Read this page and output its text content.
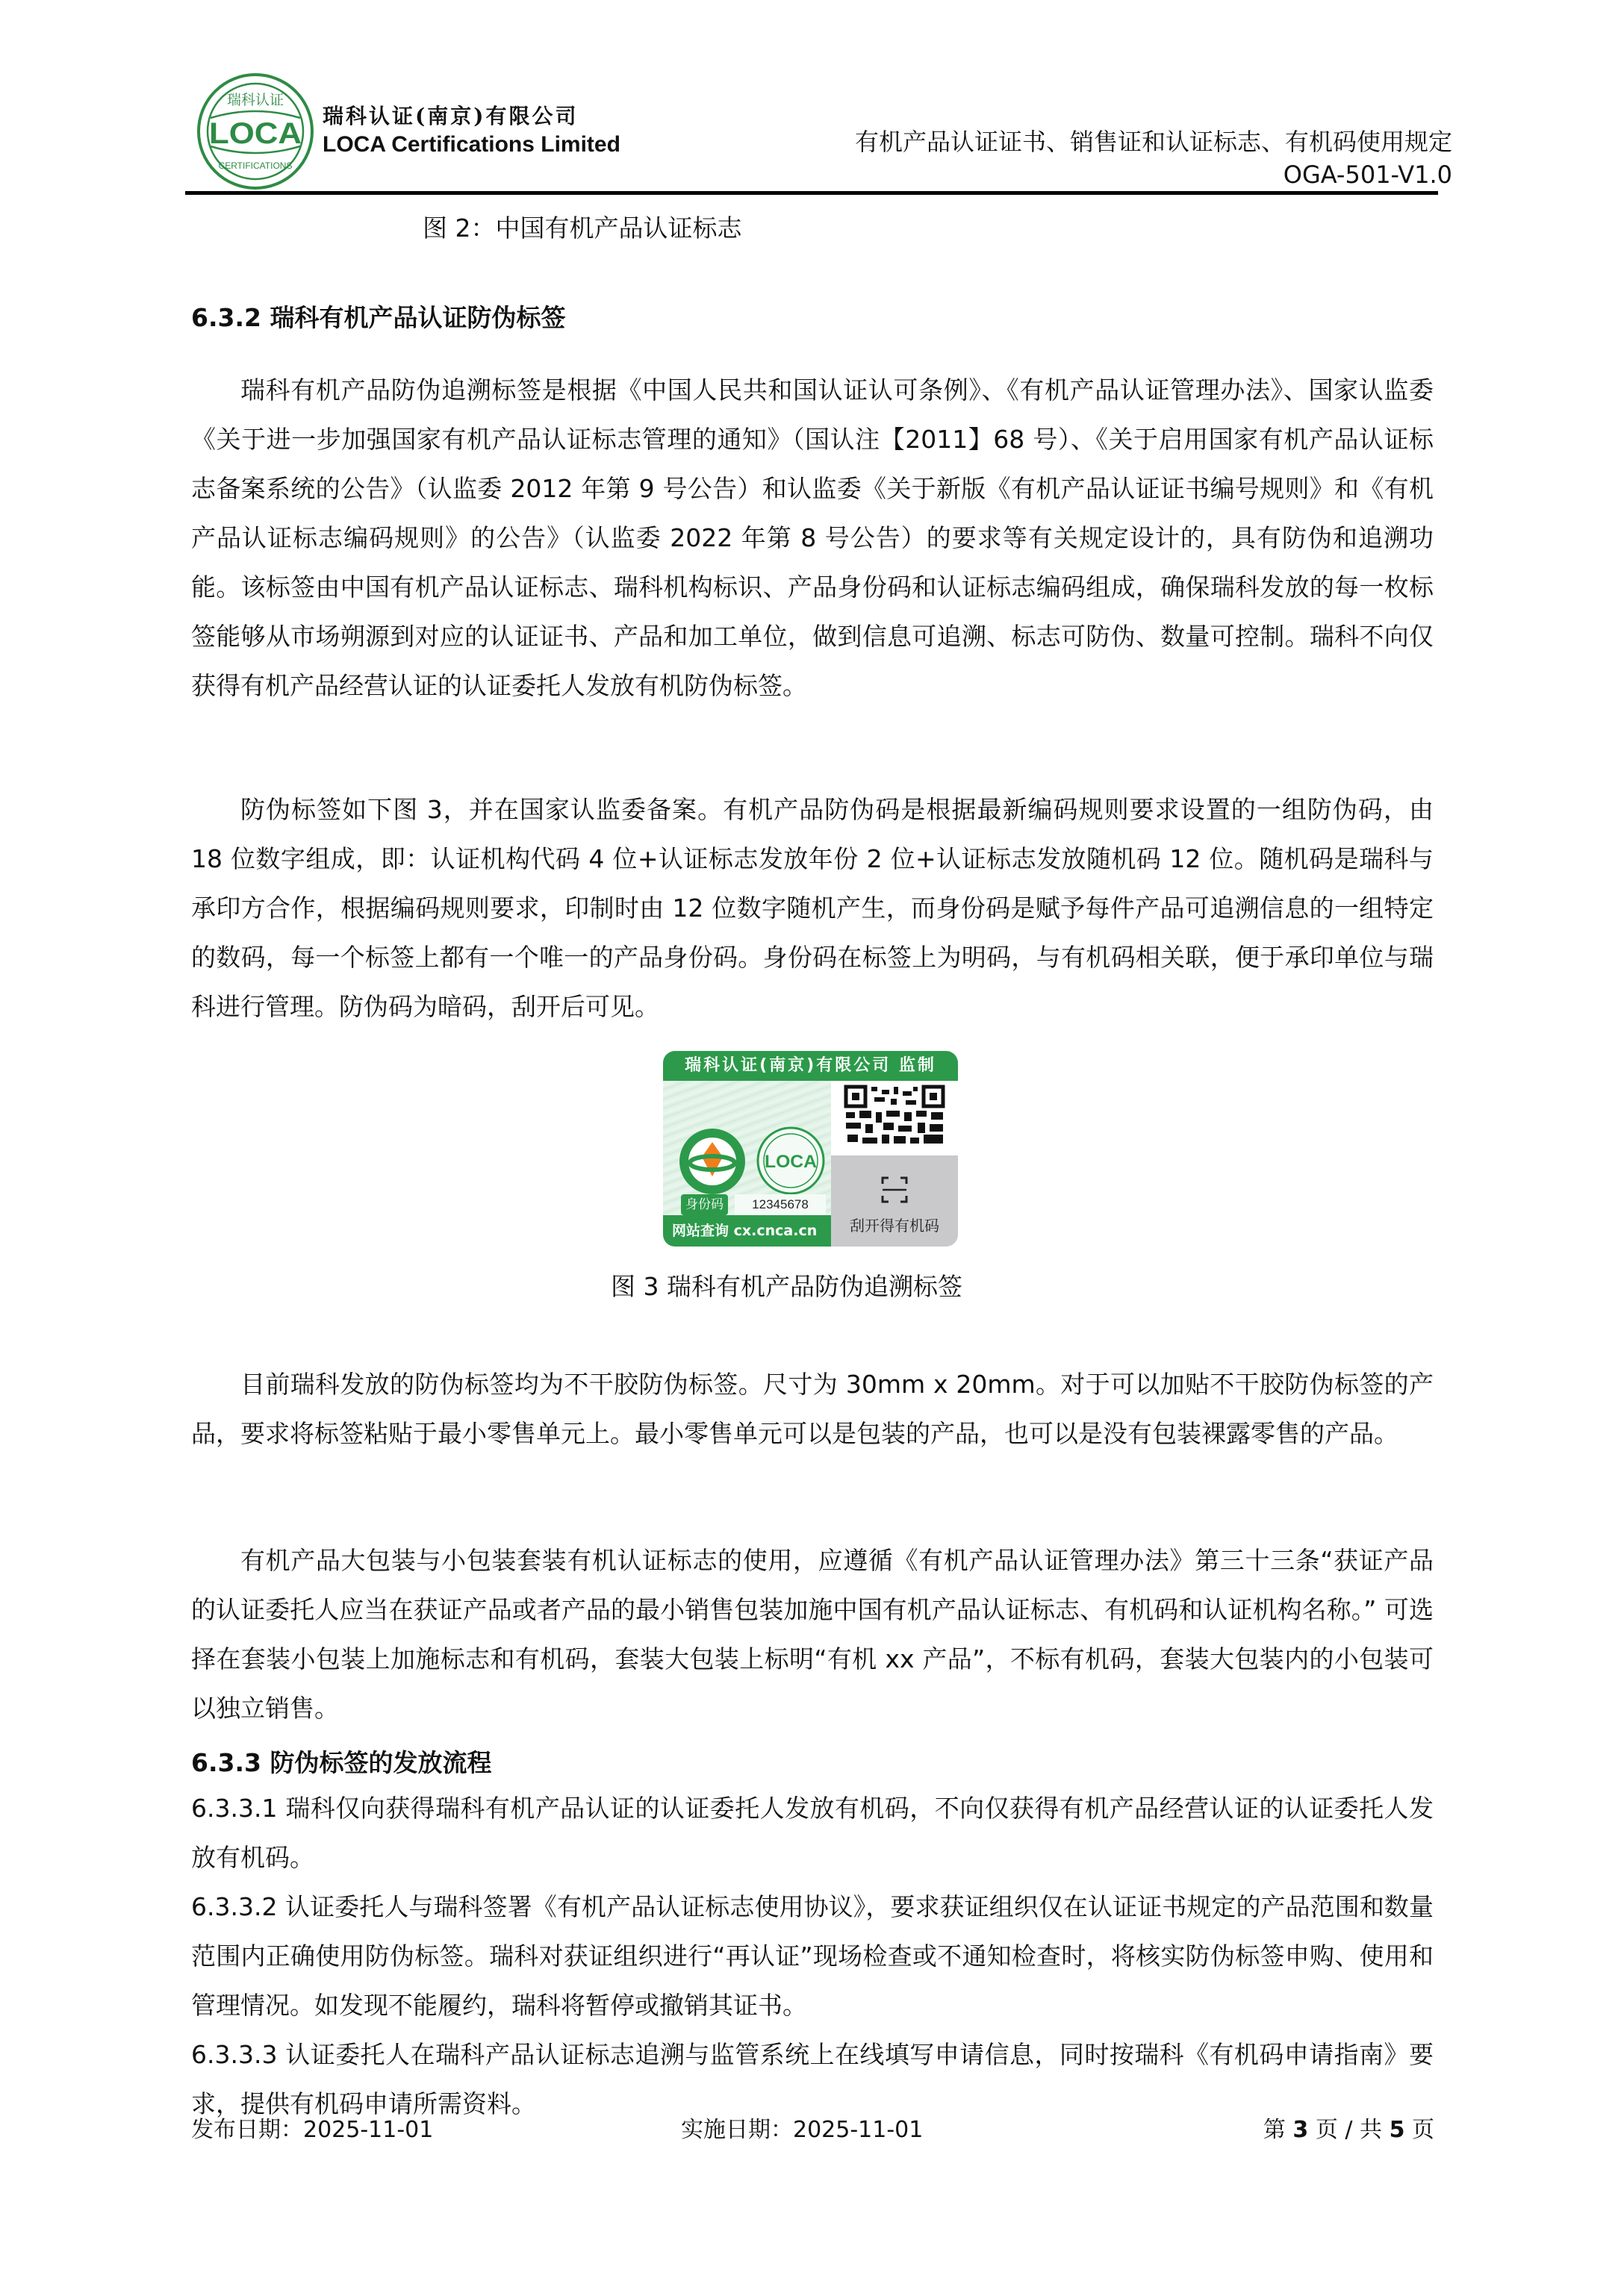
瑞科认证
LOCA
CERTIFICATIONS
瑞科认证(南京)有限公司
LOCA Certifications Limited	有机产品认证证书、销售证和认证标志、有机码使用规定
OGA-501-V1.0
图 2：中国有机产品认证标志
6.3.2 瑞科有机产品认证防伪标签
瑞科有机产品防伪追溯标签是根据《中国人民共和国认证认可条例》、《有机产品认证管理办法》、国家认监委《关于进一步加强国家有机产品认证标志管理的通知》（国认注【2011】68 号）、《关于启用国家有机产品认证标志备案系统的公告》（认监委 2012 年第 9 号公告）和认监委《关于新版《有机产品认证证书编号规则》和《有机产品认证标志编码规则》的公告》（认监委 2022 年第 8 号公告）的要求等有关规定设计的，具有防伪和追溯功能。该标签由中国有机产品认证标志、瑞科机构标识、产品身份码和认证标志编码组成，确保瑞科发放的每一枚标签能够从市场朔源到对应的认证证书、产品和加工单位，做到信息可追溯、标志可防伪、数量可控制。瑞科不向仅获得有机产品经营认证的认证委托人发放有机防伪标签。
防伪标签如下图 3，并在国家认监委备案。有机产品防伪码是根据最新编码规则要求设置的一组防伪码，由 18 位数字组成，即：认证机构代码 4 位+认证标志发放年份 2 位+认证标志发放随机码 12 位。随机码是瑞科与承印方合作，根据编码规则要求，印制时由 12 位数字随机产生，而身份码是赋予每件产品可追溯信息的一组特定的数码，每一个标签上都有一个唯一的产品身份码。身份码在标签上为明码，与有机码相关联，便于承印单位与瑞科进行管理。防伪码为暗码，刮开后可见。
瑞科认证(南京)有限公司 监制
LOCA
身份码	12345678
网站查询 cx.cnca.cn	刮开得有机码
图 3 瑞科有机产品防伪追溯标签
目前瑞科发放的防伪标签均为不干胶防伪标签。尺寸为 30mm x 20mm。对于可以加贴不干胶防伪标签的产品，要求将标签粘贴于最小零售单元上。最小零售单元可以是包装的产品，也可以是没有包装裸露零售的产品。
有机产品大包装与小包装套装有机认证标志的使用，应遵循《有机产品认证管理办法》第三十三条“获证产品的认证委托人应当在获证产品或者产品的最小销售包装加施中国有机产品认证标志、有机码和认证机构名称。” 可选择在套装小包装上加施标志和有机码，套装大包装上标明“有机 xx 产品”，不标有机码，套装大包装内的小包装可以独立销售。
6.3.3 防伪标签的发放流程
6.3.3.1 瑞科仅向获得瑞科有机产品认证的认证委托人发放有机码，不向仅获得有机产品经营认证的认证委托人发放有机码。
6.3.3.2 认证委托人与瑞科签署《有机产品认证标志使用协议》，要求获证组织仅在认证证书规定的产品范围和数量范围内正确使用防伪标签。瑞科对获证组织进行“再认证”现场检查或不通知检查时，将核实防伪标签申购、使用和管理情况。如发现不能履约，瑞科将暂停或撤销其证书。
6.3.3.3 认证委托人在瑞科产品认证标志追溯与监管系统上在线填写申请信息，同时按瑞科《有机码申请指南》要求，提供有机码申请所需资料。
发布日期：2025-11-01	实施日期：2025-11-01	第 3 页 / 共 5 页
